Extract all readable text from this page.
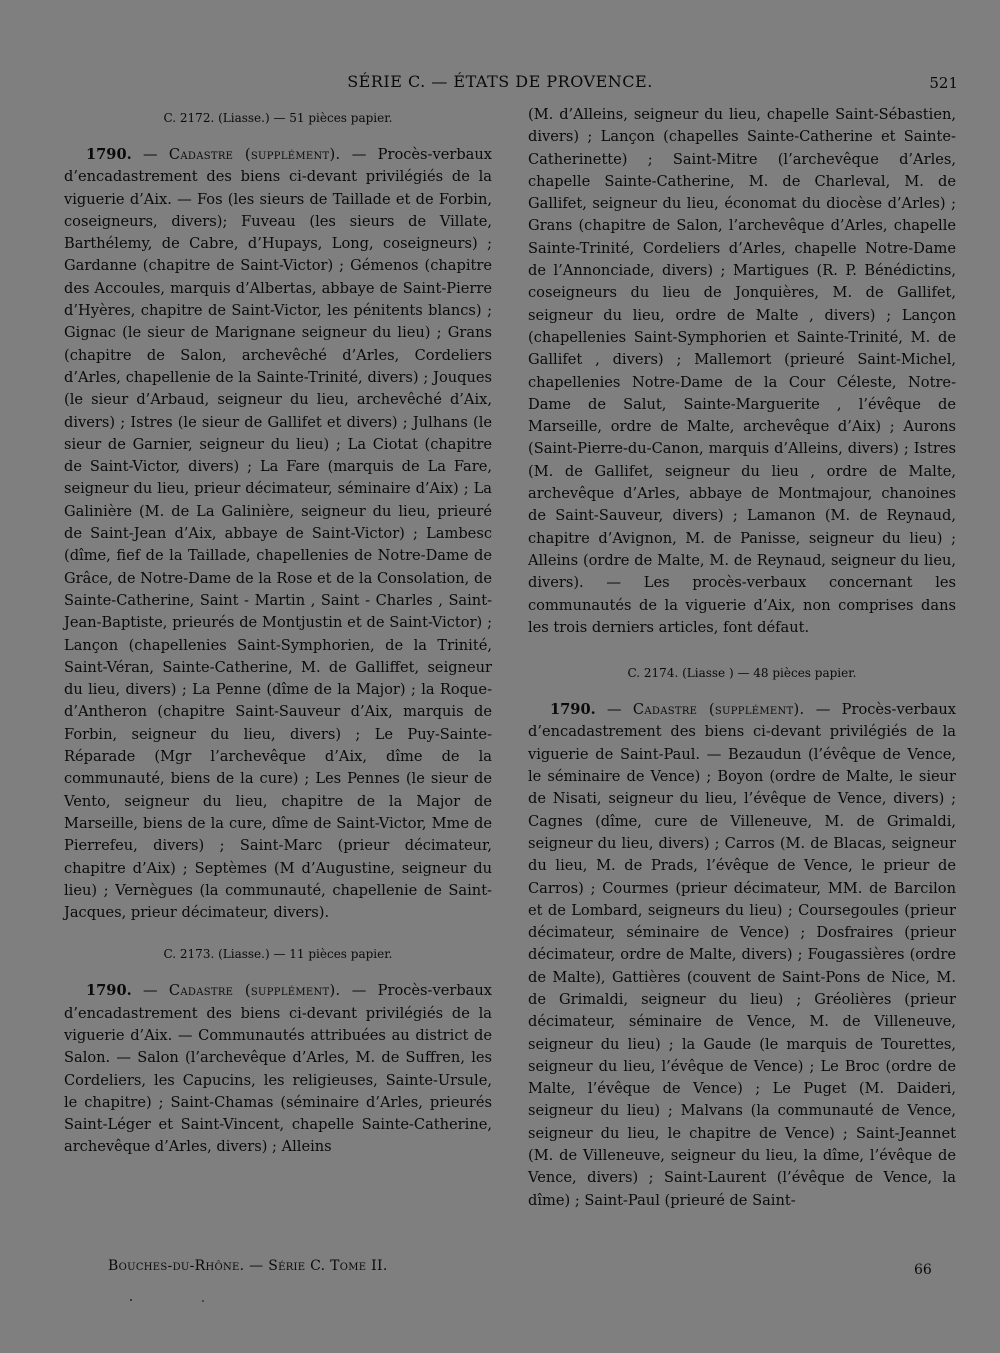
SÉRIE C. — ÉTATS DE PROVENCE.	521
C. 2172. (Liasse.) — 51 pièces papier.

1790. — Cadastre (supplément). — Procès-verbaux d’encadastrement des biens ci-devant privilégiés de la viguerie d’Aix. — Fos (les sieurs de Taillade et de Forbin, coseigneurs, divers); Fuveau (les sieurs de Villate, Barthélemy, de Cabre, d’Hupays, Long, coseigneurs) ; Gardanne (chapitre de Saint-Victor) ; Gémenos (chapitre des Accoules, marquis d’Albertas, abbaye de Saint-Pierre d’Hyères, chapitre de Saint-Victor, les pénitents blancs) ; Gignac (le sieur de Marignane seigneur du lieu) ; Grans (chapitre de Salon, archevêché d’Arles, Cordeliers d’Arles, chapellenie de la Sainte-Trinité, divers) ; Jouques (le sieur d’Arbaud, seigneur du lieu, archevêché d’Aix, divers) ; Istres (le sieur de Gallifet et divers) ; Julhans (le sieur de Garnier, seigneur du lieu) ; La Ciotat (chapitre de Saint-Victor, divers) ; La Fare (marquis de La Fare, seigneur du lieu, prieur décimateur, séminaire d’Aix) ; La Galinière (M. de La Galinière, seigneur du lieu, prieuré de Saint-Jean d’Aix, abbaye de Saint-Victor) ; Lambesc (dîme, fief de la Taillade, chapellenies de Notre-Dame de Grâce, de Notre-Dame de la Rose et de la Consolation, de Sainte-Catherine, Saint - Martin , Saint - Charles , Saint-Jean-Baptiste, prieurés de Montjustin et de Saint-Victor) ; Lançon (chapellenies Saint-Symphorien, de la Trinité, Saint-Véran, Sainte-Catherine, M. de Galliffet, seigneur du lieu, divers) ; La Penne (dîme de la Major) ; la Roque-d’Antheron (chapitre Saint-Sauveur d’Aix, marquis de Forbin, seigneur du lieu, divers) ; Le Puy-Sainte-Réparade (Mgr l’archevêque d’Aix, dîme de la communauté, biens de la cure) ; Les Pennes (le sieur de Vento, seigneur du lieu, chapitre de la Major de Marseille, biens de la cure, dîme de Saint-Victor, Mme de Pierrefeu, divers) ; Saint-Marc (prieur décimateur, chapitre d’Aix) ; Septèmes (M d’Augustine, seigneur du lieu) ; Vernègues (la communauté, chapellenie de Saint-Jacques, prieur décimateur, divers).

C. 2173. (Liasse.) — 11 pièces papier.

1790. — Cadastre (supplément). — Procès-verbaux d’encadastrement des biens ci-devant privilégiés de la viguerie d’Aix. — Communautés attribuées au district de Salon. — Salon (l’archevêque d’Arles, M. de Suffren, les Cordeliers, les Capucins, les religieuses, Sainte-Ursule, le chapitre) ; Saint-Chamas (séminaire d’Arles, prieurés Saint-Léger et Saint-Vincent, chapelle Sainte-Catherine, archevêque d’Arles, divers) ; Alleins

(M. d’Alleins, seigneur du lieu, chapelle Saint-Sébastien, divers) ; Lançon (chapelles Sainte-Catherine et Sainte-Catherinette) ; Saint-Mitre (l’archevêque d’Arles, chapelle Sainte-Catherine, M. de Charleval, M. de Gallifet, seigneur du lieu, économat du diocèse d’Arles) ; Grans (chapitre de Salon, l’archevêque d’Arles, chapelle Sainte-Trinité, Cordeliers d’Arles, chapelle Notre-Dame de l’Annonciade, divers) ; Martigues (R. P. Bénédictins, coseigneurs du lieu de Jonquières, M. de Gallifet, seigneur du lieu, ordre de Malte , divers) ; Lançon (chapellenies Saint-Symphorien et Sainte-Trinité, M. de Gallifet , divers) ; Mallemort (prieuré Saint-Michel, chapellenies Notre-Dame de la Cour Céleste, Notre-Dame de Salut, Sainte-Marguerite , l’évêque de Marseille, ordre de Malte, archevêque d’Aix) ; Aurons (Saint-Pierre-du-Canon, marquis d’Alleins, divers) ; Istres (M. de Gallifet, seigneur du lieu , ordre de Malte, archevêque d’Arles, abbaye de Montmajour, chanoines de Saint-Sauveur, divers) ; Lamanon (M. de Reynaud, chapitre d’Avignon, M. de Panisse, seigneur du lieu) ; Alleins (ordre de Malte, M. de Reynaud, seigneur du lieu, divers). — Les procès-verbaux concernant les communautés de la viguerie d’Aix, non comprises dans les trois derniers articles, font défaut.

C. 2174. (Liasse ) — 48 pièces papier.

1790. — Cadastre (supplément). — Procès-verbaux d’encadastrement des biens ci-devant privilégiés de la viguerie de Saint-Paul. — Bezaudun (l’évêque de Vence, le séminaire de Vence) ; Boyon (ordre de Malte, le sieur de Nisati, seigneur du lieu, l’évêque de Vence, divers) ; Cagnes (dîme, cure de Villeneuve, M. de Grimaldi, seigneur du lieu, divers) ; Carros (M. de Blacas, seigneur du lieu, M. de Prads, l’évêque de Vence, le prieur de Carros) ; Courmes (prieur décimateur, MM. de Barcilon et de Lombard, seigneurs du lieu) ; Coursegoules (prieur décimateur, séminaire de Vence) ; Dosfraires (prieur décimateur, ordre de Malte, divers) ; Fougassières (ordre de Malte), Gattières (couvent de Saint-Pons de Nice, M. de Grimaldi, seigneur du lieu) ; Gréolières (prieur décimateur, séminaire de Vence, M. de Villeneuve, seigneur du lieu) ; la Gaude (le marquis de Tourettes, seigneur du lieu, l’évêque de Vence) ; Le Broc (ordre de Malte, l’évêque de Vence) ; Le Puget (M. Daideri, seigneur du lieu) ; Malvans (la communauté de Vence, seigneur du lieu, le chapitre de Vence) ; Saint-Jeannet (M. de Villeneuve, seigneur du lieu, la dîme, l’évêque de Vence, divers) ; Saint-Laurent (l’évêque de Vence, la dîme) ; Saint-Paul (prieuré de Saint-

Bouches-du-Rhône. — Série C. Tome II.	66
